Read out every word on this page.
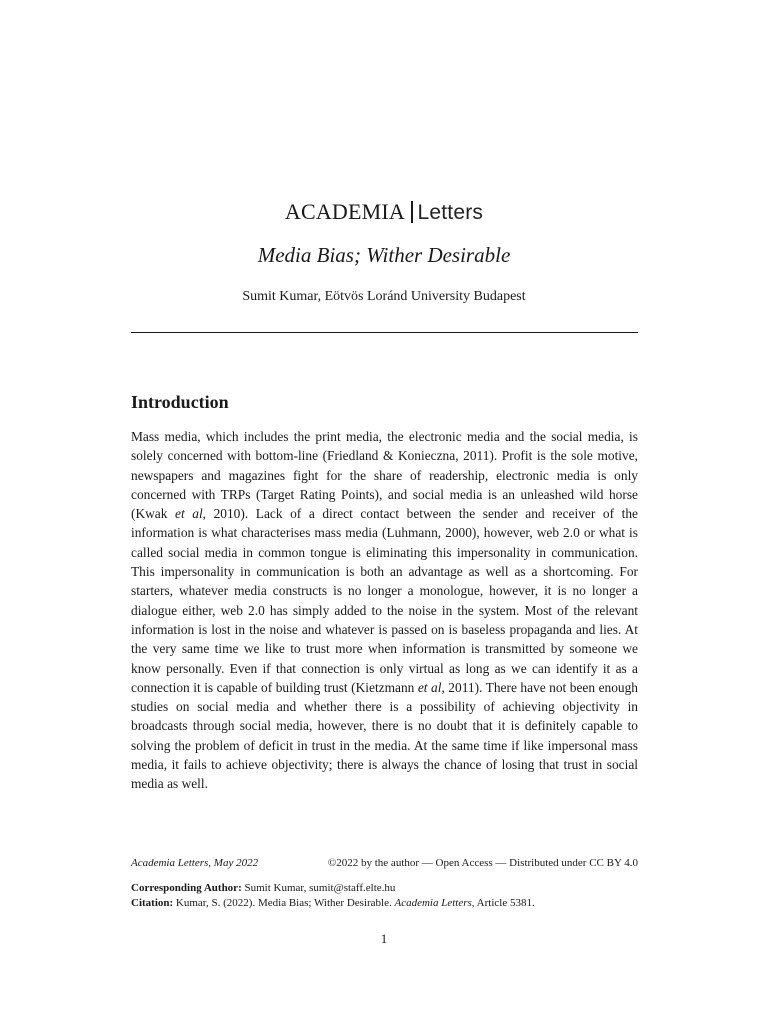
ACADEMIA Letters
Media Bias; Wither Desirable
Sumit Kumar, Eötvös Loránd University Budapest
Introduction
Mass media, which includes the print media, the electronic media and the social media, is solely concerned with bottom-line (Friedland & Konieczna, 2011). Profit is the sole motive, newspapers and magazines fight for the share of readership, electronic media is only concerned with TRPs (Target Rating Points), and social media is an unleashed wild horse (Kwak et al, 2010). Lack of a direct contact between the sender and receiver of the information is what characterises mass media (Luhmann, 2000), however, web 2.0 or what is called social media in common tongue is eliminating this impersonality in communication. This impersonality in communication is both an advantage as well as a shortcoming. For starters, whatever media constructs is no longer a monologue, however, it is no longer a dialogue either, web 2.0 has simply added to the noise in the system. Most of the relevant information is lost in the noise and whatever is passed on is baseless propaganda and lies. At the very same time we like to trust more when information is transmitted by someone we know personally. Even if that connection is only virtual as long as we can identify it as a connection it is capable of building trust (Kietzmann et al, 2011). There have not been enough studies on social media and whether there is a possibility of achieving objectivity in broadcasts through social media, however, there is no doubt that it is definitely capable to solving the problem of deficit in trust in the media. At the same time if like impersonal mass media, it fails to achieve objectivity; there is always the chance of losing that trust in social media as well.
Academia Letters, May 2022	©2022 by the author — Open Access — Distributed under CC BY 4.0
Corresponding Author: Sumit Kumar, sumit@staff.elte.hu
Citation: Kumar, S. (2022). Media Bias; Wither Desirable. Academia Letters, Article 5381.
1
